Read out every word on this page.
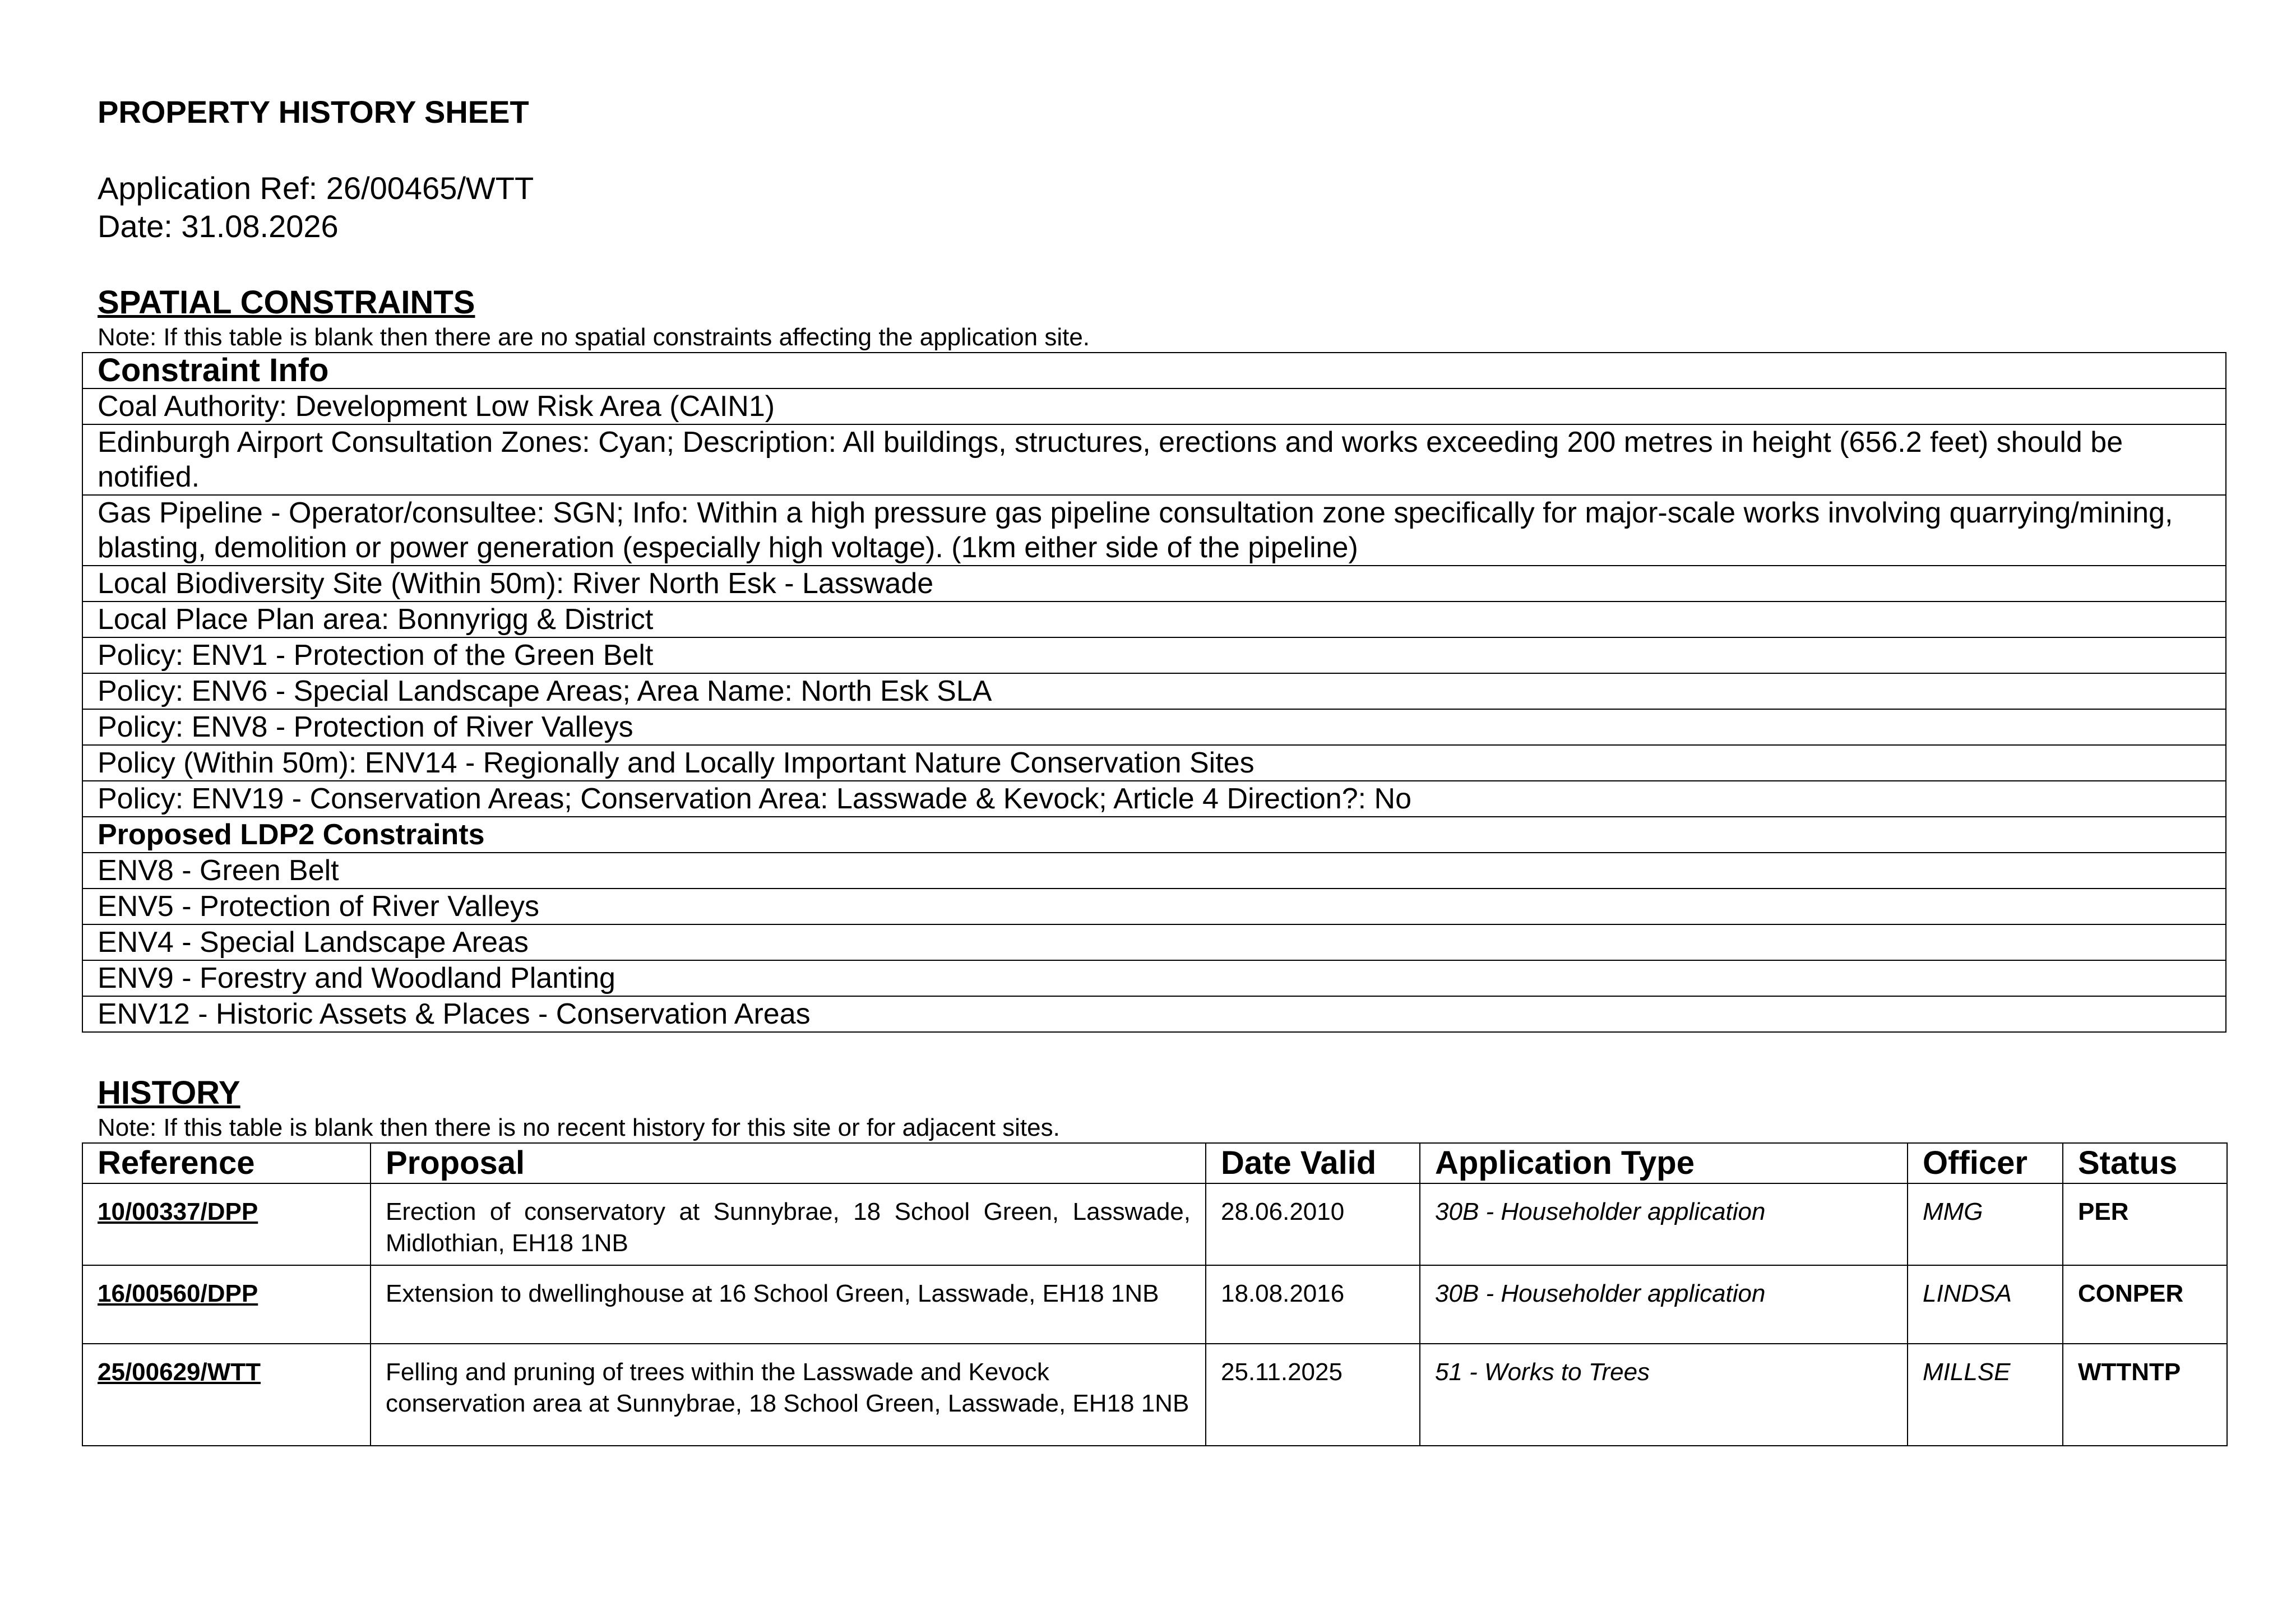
PROPERTY HISTORY SHEET
Application Ref: 26/00465/WTT
Date: 31.08.2026
SPATIAL CONSTRAINTS
Note: If this table is blank then there are no spatial constraints affecting the application site.
Constraint Info
Coal Authority: Development Low Risk Area (CAIN1)
Edinburgh Airport Consultation Zones: Cyan; Description: All buildings, structures, erections and works exceeding 200 metres in height (656.2 feet) should be notified.
Gas Pipeline - Operator/consultee: SGN; Info: Within a high pressure gas pipeline consultation zone specifically for major-scale works involving quarrying/mining, blasting, demolition or power generation (especially high voltage). (1km either side of the pipeline)
Local Biodiversity Site (Within 50m): River North Esk - Lasswade
Local Place Plan area: Bonnyrigg & District
Policy: ENV1 - Protection of the Green Belt
Policy: ENV6 - Special Landscape Areas; Area Name: North Esk SLA
Policy: ENV8 - Protection of River Valleys
Policy (Within 50m): ENV14 - Regionally and Locally Important Nature Conservation Sites
Policy: ENV19 - Conservation Areas; Conservation Area: Lasswade & Kevock; Article 4 Direction?: No
Proposed LDP2 Constraints
ENV8 - Green Belt
ENV5 - Protection of River Valleys
ENV4 - Special Landscape Areas
ENV9 - Forestry and Woodland Planting
ENV12 - Historic Assets & Places - Conservation Areas
HISTORY
Note: If this table is blank then there is no recent history for this site or for adjacent sites.
Reference	Proposal	Date Valid	Application Type	Officer	Status
10/00337/DPP	Erection of conservatory at Sunnybrae, 18 School Green, Lasswade, Midlothian, EH18 1NB	28.06.2010	30B - Householder application	MMG	PER
16/00560/DPP	Extension to dwellinghouse at 16 School Green, Lasswade, EH18 1NB	18.08.2016	30B - Householder application	LINDSA	CONPER
25/00629/WTT	Felling and pruning of trees within the Lasswade and Kevock conservation area at Sunnybrae, 18 School Green, Lasswade, EH18 1NB	25.11.2025	51 - Works to Trees	MILLSE	WTTNTP
